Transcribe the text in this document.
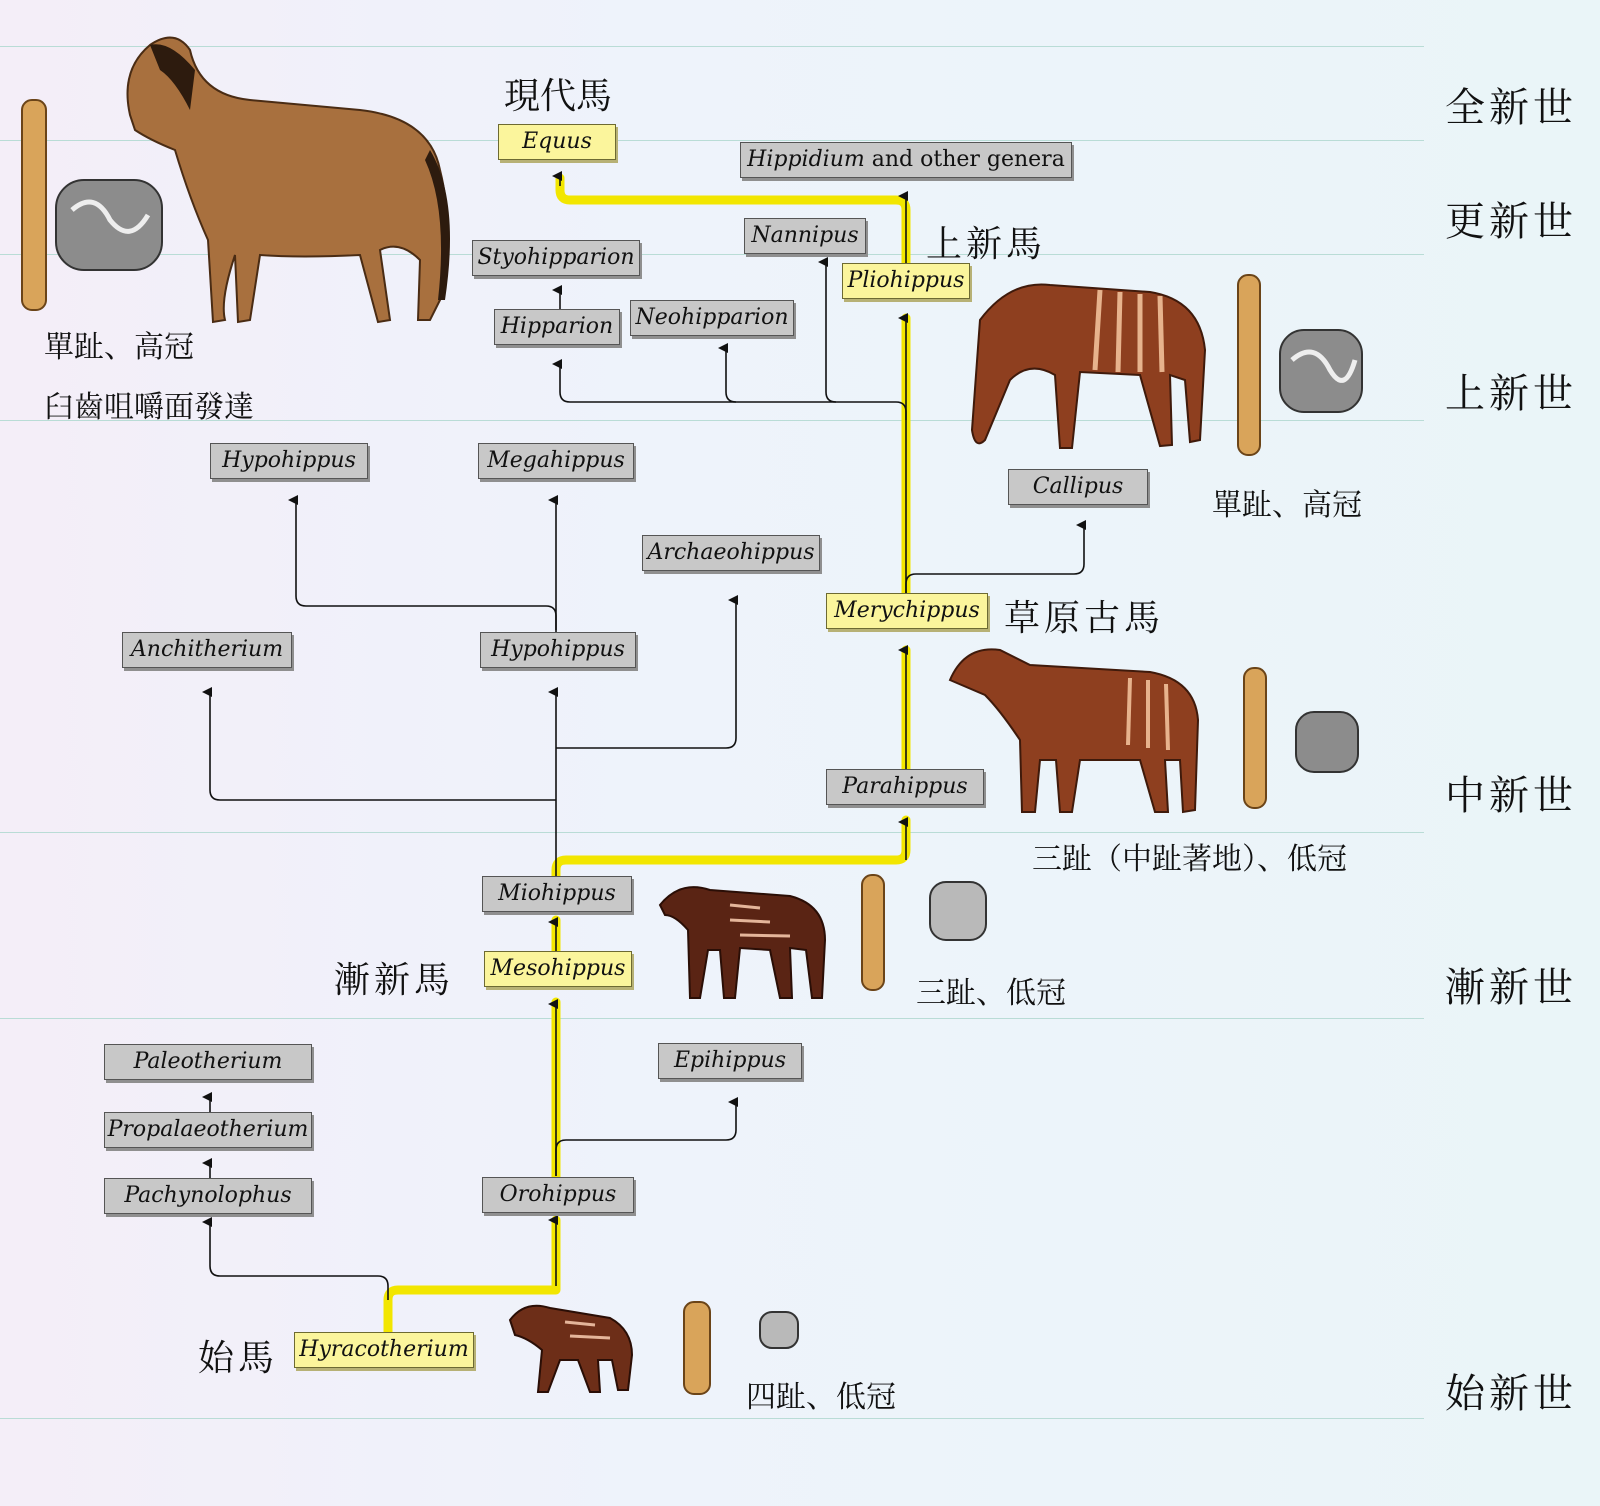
Equus
Hippidium and other genera
Nannipus
Pliohippus
Styohipparion
Hipparion	Neohipparion
Hypohippus	Megahippus
Archaeohippus
Callipus
Merychippus
Anchitherium	Hypohippus
Parahippus
Miohippus
Mesohippus
Paleotherium
Propalaeotherium
Pachynolophus
Epihippus
Orohippus
Hyracotherium
現代馬
上新馬
草原古馬
漸新馬
始馬
單趾、高冠
臼齒咀嚼面發達
單趾、高冠
三趾（中趾著地）、低冠
三趾、低冠
四趾、低冠
全新世
更新世
上新世
中新世
漸新世
始新世
